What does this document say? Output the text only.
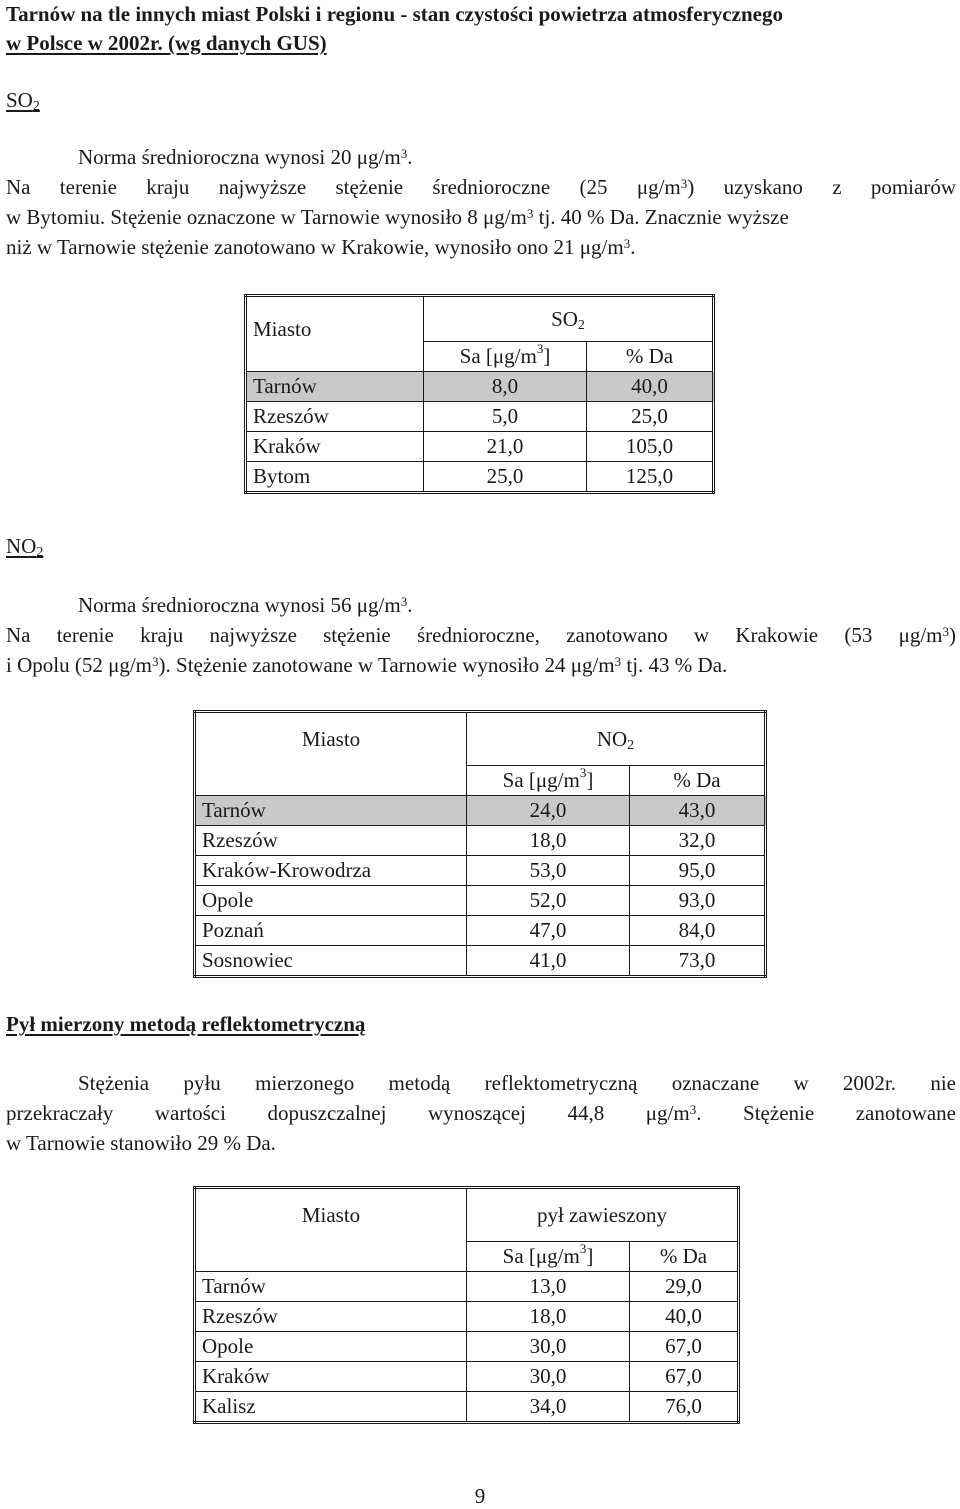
Tarnów na tle innych miast Polski i regionu - stan czystości powietrza atmosferycznego
w Polsce w 2002r. (wg danych GUS)
$SO_2$
Norma średnioroczna wynosi 20 $\mu g/m^3$.
Na terenie kraju najwyższe stężenie średnioroczne (25 $\mu g/m^3$) uzyskano z pomiarów
w Bytomiu. Stężenie oznaczone w Tarnowie wynosiło 8 $\mu g/m^3$ tj. 40 % Da. Znacznie wyższe
niż w Tarnowie stężenie zanotowano w Krakowie, wynosiło ono 21 $\mu g/m^3$.
Miasto	$SO_2$
	Sa $[\mu g/m^3]$	% Da
Tarnów	8,0	40,0
Rzeszów	5,0	25,0
Kraków	21,0	105,0
Bytom	25,0	125,0
$NO_2$
Norma średnioroczna wynosi 56 $\mu g/m^3$.
Na terenie kraju najwyższe stężenie średnioroczne, zanotowano w Krakowie (53 $\mu g/m^3$)
i Opolu (52 $\mu g/m^3$). Stężenie zanotowane w Tarnowie wynosiło 24 $\mu g/m^3$ tj. 43 % Da.
Miasto	$NO_2$
	Sa $[\mu g/m^3]$	% Da
Tarnów	24,0	43,0
Rzeszów	18,0	32,0
Kraków-Krowodrza	53,0	95,0
Opole	52,0	93,0
Poznań	47,0	84,0
Sosnowiec	41,0	73,0
Pył mierzony metodą reflektometryczną
Stężenia pyłu mierzonego metodą reflektometryczną oznaczane w 2002r. nie
przekraczały wartości dopuszczalnej wynoszącej 44,8 $\mu g/m^3$. Stężenie zanotowane
w Tarnowie stanowiło 29 % Da.
Miasto	pył zawieszony	
	Sa $[\mu g/m^3]$	% Da
Tarnów	13,0	29,0
Rzeszów	18,0	40,0
Opole	30,0	67,0
Kraków	30,0	67,0
Kalisz	34,0	76,0
9
